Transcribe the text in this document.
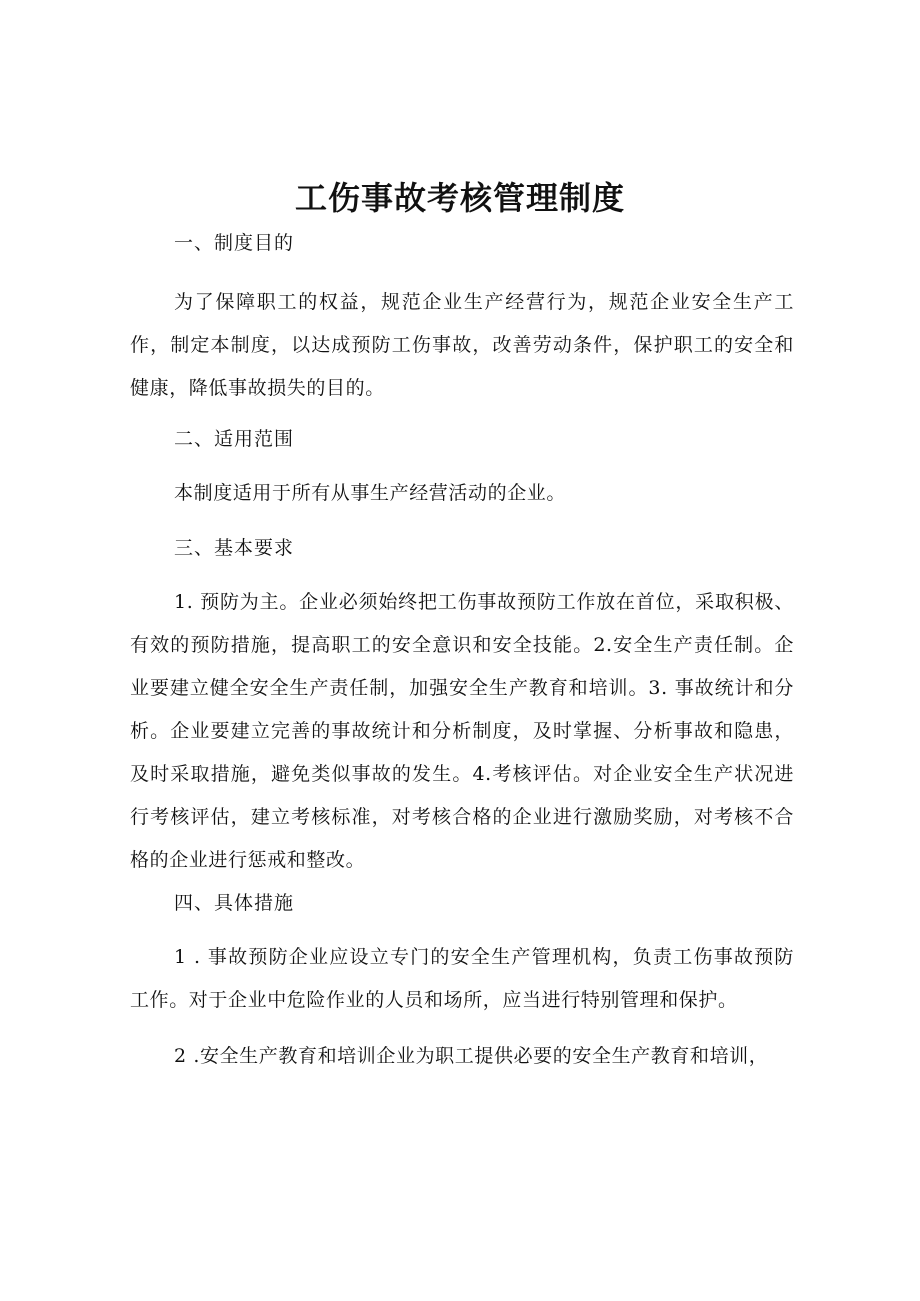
工伤事故考核管理制度
一、制度目的
为了保障职工的权益，规范企业生产经营行为，规范企业安全生产工作，制定本制度，以达成预防工伤事故，改善劳动条件，保护职工的安全和健康，降低事故损失的目的。
二、适用范围
本制度适用于所有从事生产经营活动的企业。
三、基本要求
1. 预防为主。企业必须始终把工伤事故预防工作放在首位，采取积极、有效的预防措施，提高职工的安全意识和安全技能。2.安全生产责任制。企业要建立健全安全生产责任制，加强安全生产教育和培训。3. 事故统计和分析。企业要建立完善的事故统计和分析制度，及时掌握、分析事故和隐患，及时采取措施，避免类似事故的发生。4.考核评估。对企业安全生产状况进行考核评估，建立考核标准，对考核合格的企业进行激励奖励，对考核不合格的企业进行惩戒和整改。
四、具体措施
1 . 事故预防企业应设立专门的安全生产管理机构，负责工伤事故预防工作。对于企业中危险作业的人员和场所，应当进行特别管理和保护。
2 .安全生产教育和培训企业为职工提供必要的安全生产教育和培训，
